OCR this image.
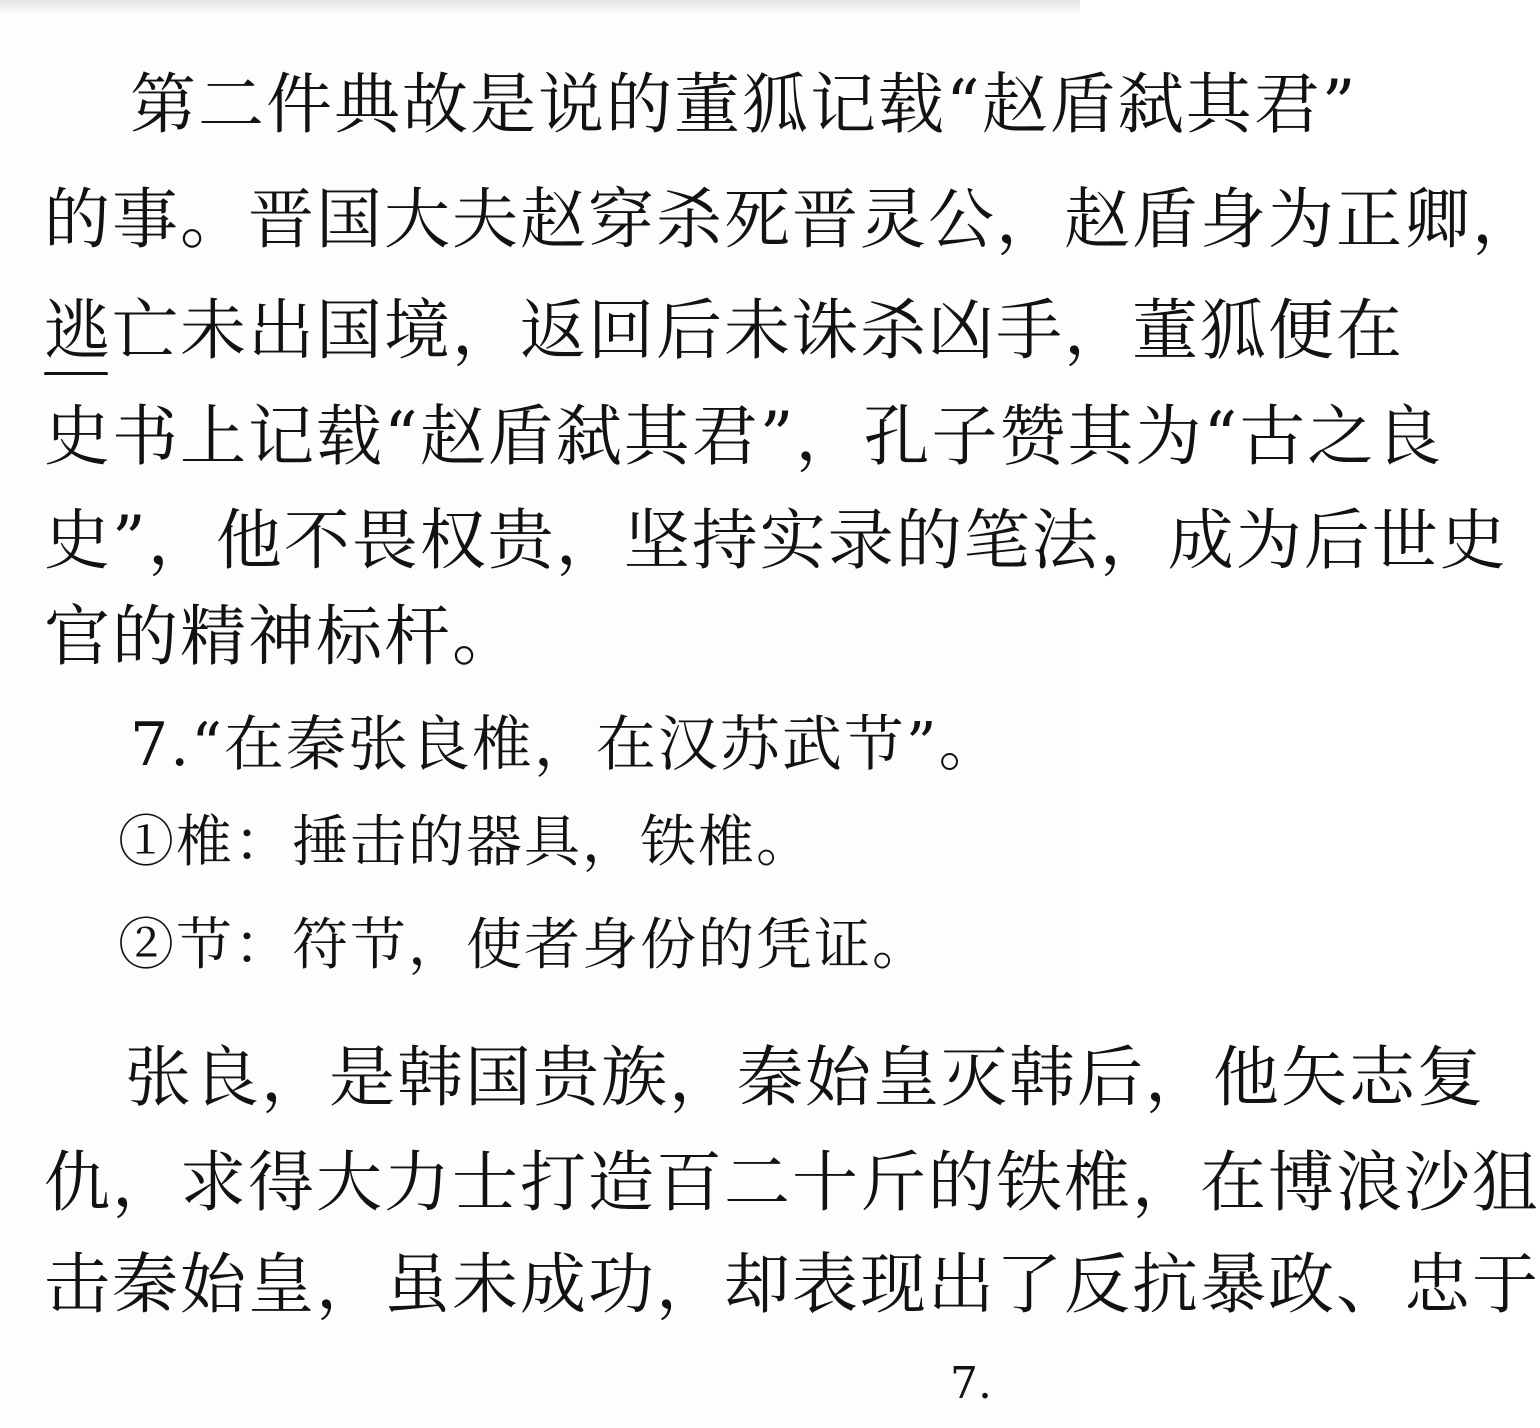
第二件典故是说的董狐记载“赵盾弑其君”
的事。晋国大夫赵穿杀死晋灵公，赵盾身为正卿，
逃亡未出国境，返回后未诛杀凶手，董狐便在
史书上记载“赵盾弑其君”，孔子赞其为“古之良
史”，他不畏权贵，坚持实录的笔法，成为后世史
官的精神标杆。
7.“在秦张良椎，在汉苏武节”。
①椎：捶击的器具，铁椎。
②节：符节，使者身份的凭证。
张良，是韩国贵族，秦始皇灭韩后，他矢志复
仇，求得大力士打造百二十斤的铁椎，在博浪沙狙
击秦始皇，虽未成功，却表现出了反抗暴政、忠于
7.
